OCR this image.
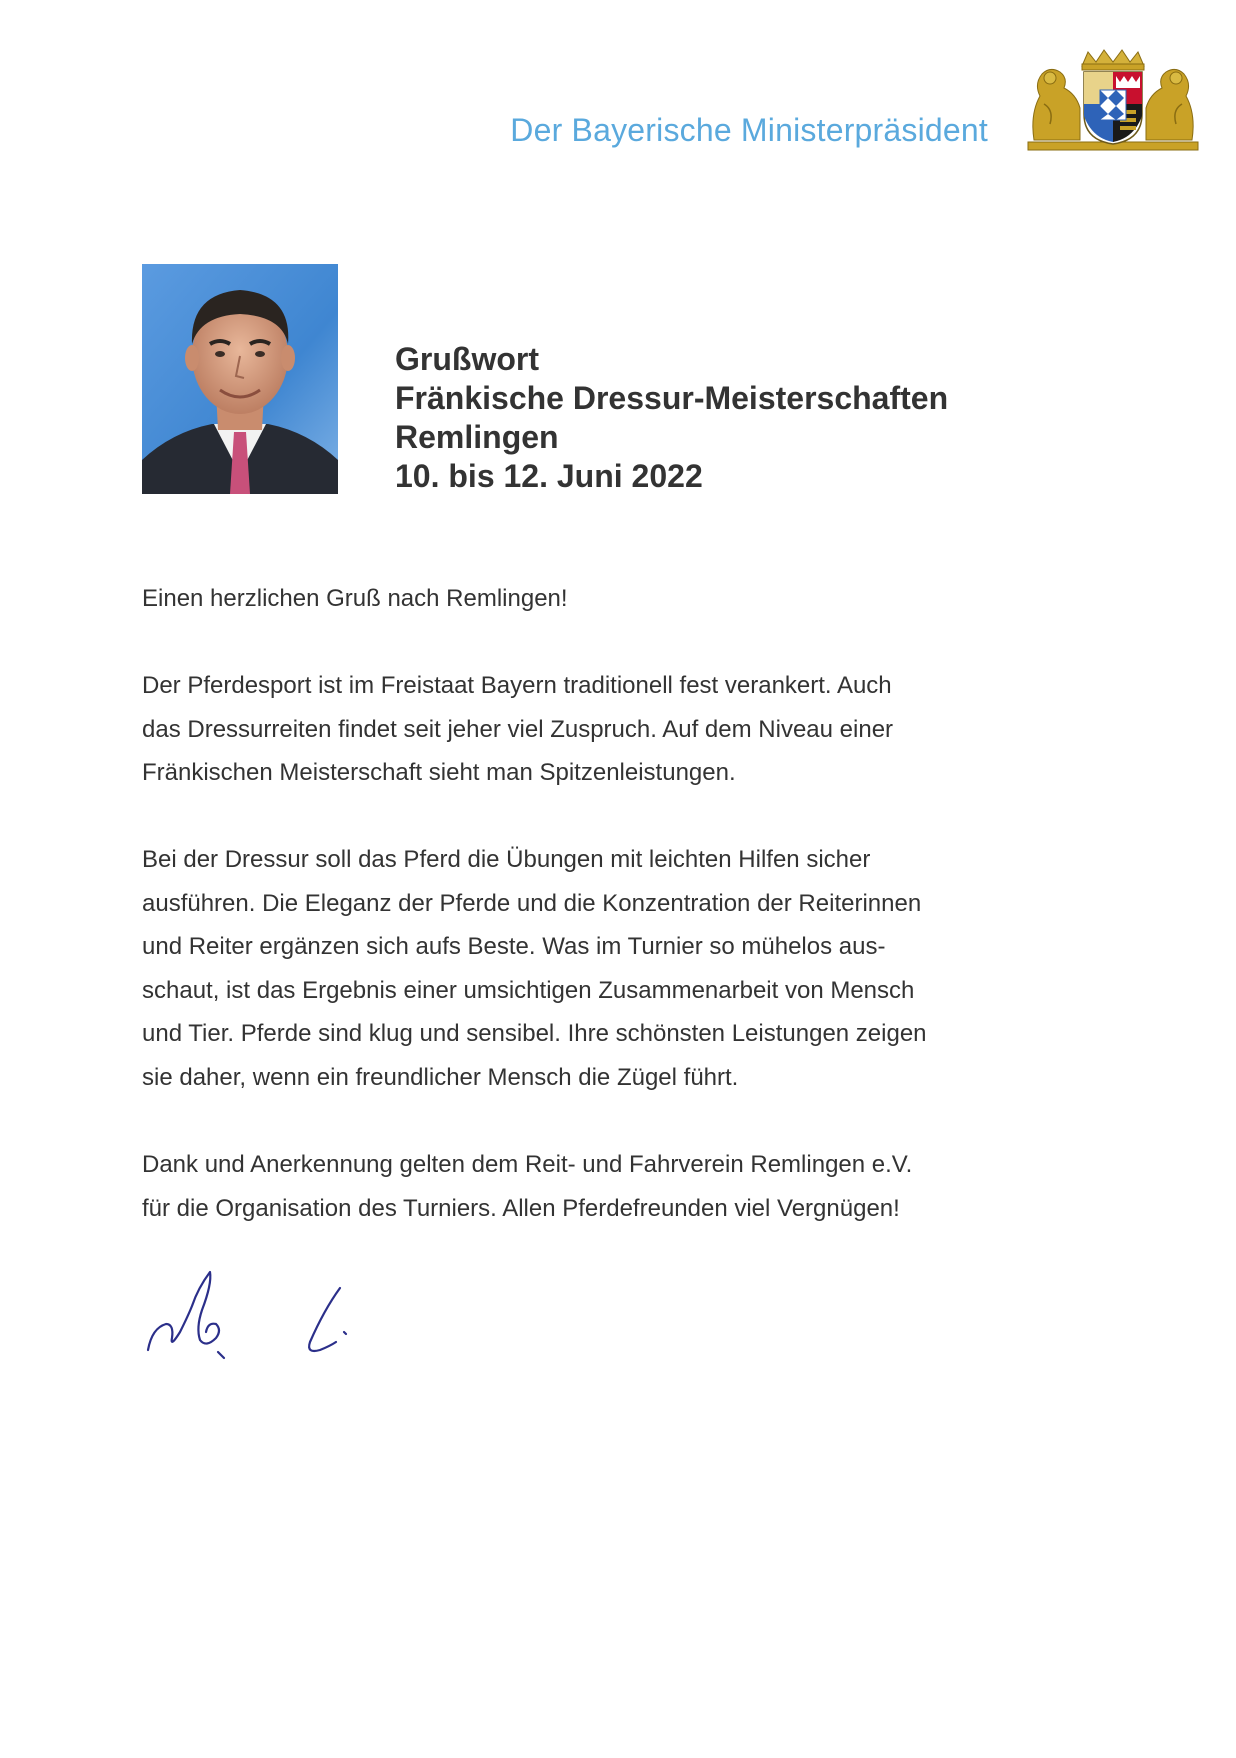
Der Bayerische Ministerpräsident
Grußwort
Fränkische Dressur-Meisterschaften
Remlingen
10. bis 12. Juni 2022

Einen herzlichen Gruß nach Remlingen!

Der Pferdesport ist im Freistaat Bayern traditionell fest verankert. Auch

das Dressurreiten findet seit jeher viel Zuspruch. Auf dem Niveau einer

Fränkischen Meisterschaft sieht man Spitzenleistungen.

Bei der Dressur soll das Pferd die Übungen mit leichten Hilfen sicher

ausführen. Die Eleganz der Pferde und die Konzentration der Reiterinnen

und Reiter ergänzen sich aufs Beste. Was im Turnier so mühelos aus-

schaut, ist das Ergebnis einer umsichtigen Zusammenarbeit von Mensch

und Tier. Pferde sind klug und sensibel. Ihre schönsten Leistungen zeigen

sie daher, wenn ein freundlicher Mensch die Zügel führt.

Dank und Anerkennung gelten dem Reit- und Fahrverein Remlingen e.V.

für die Organisation des Turniers. Allen Pferdefreunden viel Vergnügen!
